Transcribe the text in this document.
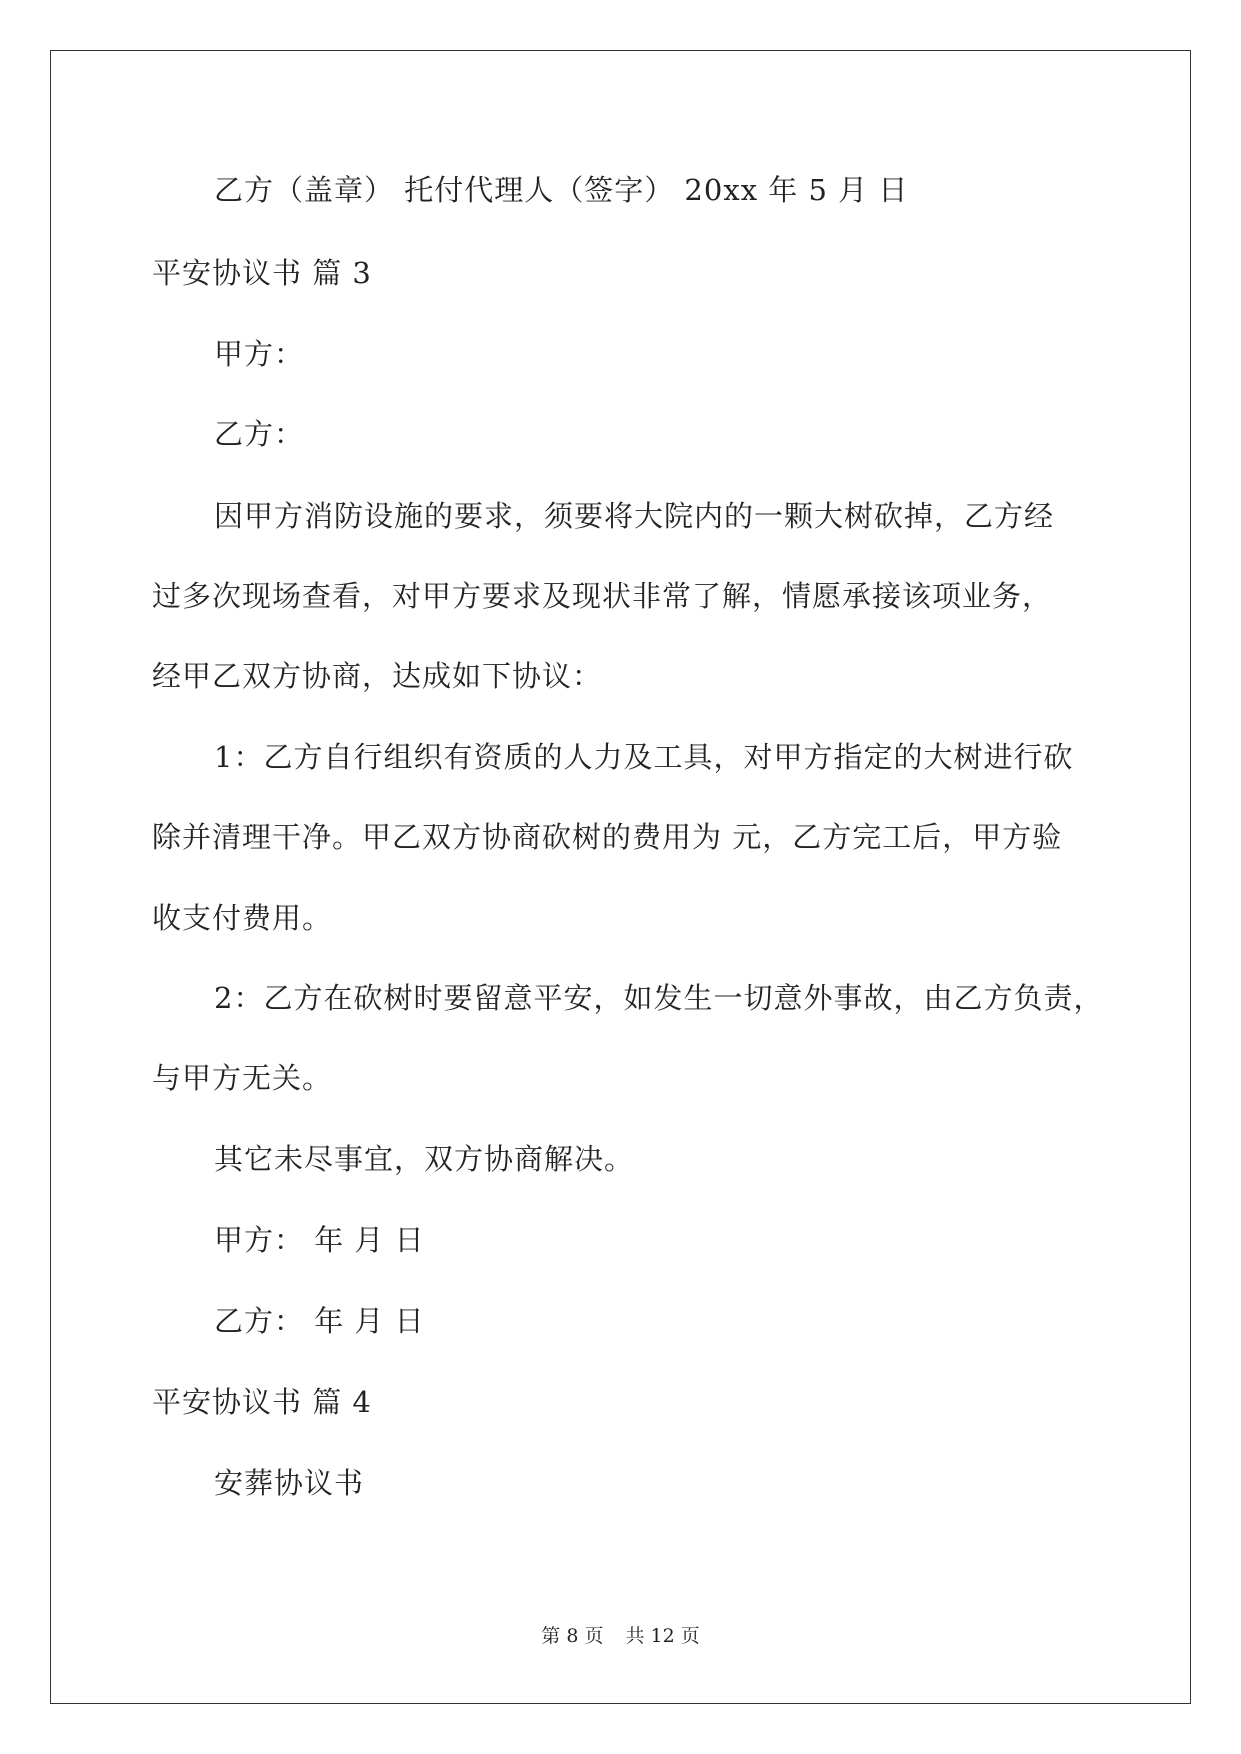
乙方（盖章） 托付代理人（签字） 20xx 年 5 月 日
平安协议书 篇 3
甲方：
乙方：
因甲方消防设施的要求，须要将大院内的一颗大树砍掉，乙方经
过多次现场查看，对甲方要求及现状非常了解，情愿承接该项业务，
经甲乙双方协商，达成如下协议：
1：乙方自行组织有资质的人力及工具，对甲方指定的大树进行砍
除并清理干净。甲乙双方协商砍树的费用为 元，乙方完工后，甲方验
收支付费用。
2：乙方在砍树时要留意平安，如发生一切意外事故，由乙方负责，
与甲方无关。
其它未尽事宜，双方协商解决。
甲方： 年 月 日
乙方： 年 月 日
平安协议书 篇 4
安葬协议书
第 8 页 共 12 页
